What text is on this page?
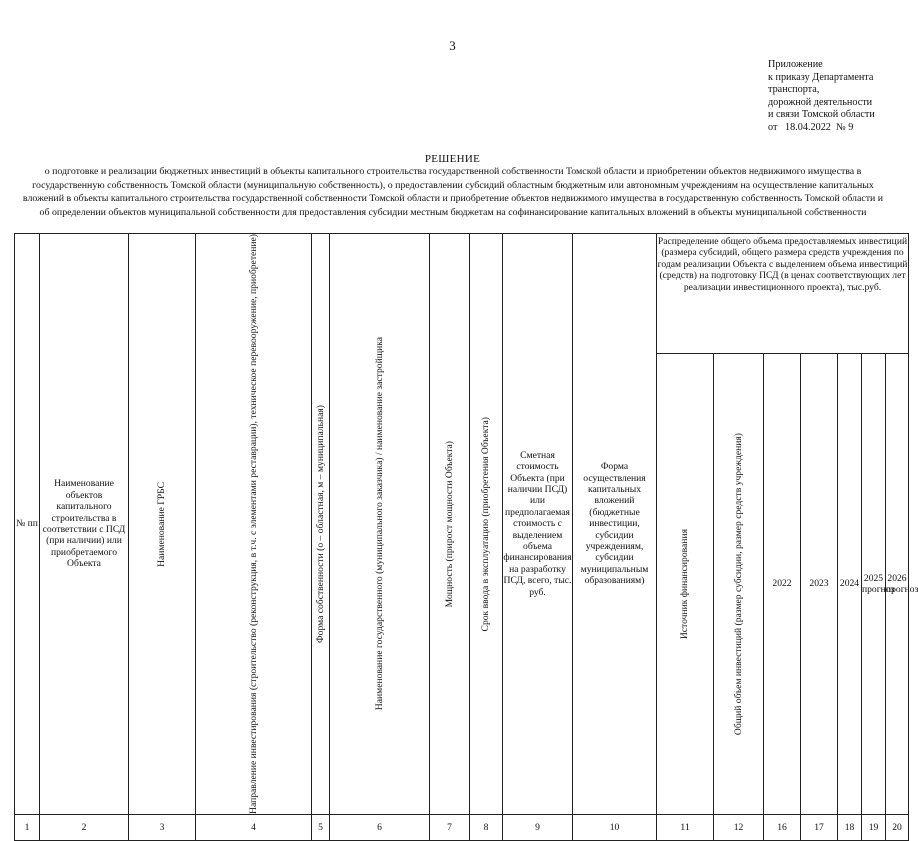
3
Приложение
к приказу Департамента
транспорта,
дорожной деятельности
и связи Томской области
от   18.04.2022  № 9
РЕШЕНИЕ
о подготовке и реализации бюджетных инвестиций в объекты капитального строительства государственной собственности Томской области и приобретении объектов недвижимого имущества в государственную собственность Томской области (муниципальную собственность), о предоставлении субсидий областным бюджетным или автономным учреждениям на осуществление капитальных вложений в объекты капитального строительства государственной собственности Томской области и приобретение объектов недвижимого имущества в государственную собственность Томской области и об определении объектов муниципальной собственности для предоставления субсидии местным бюджетам на софинансирование капитальных вложений в объекты муниципальной собственности
№ пп	Наименование объектов капитального строительства в соответствии с ПСД (при наличии) или приобретаемого Объекта	Наименование ГРБС	Направление инвестирования (строительство (реконструкция, в т.ч. с элементами реставрации), техническое перевооружение, приобретение)	Форма собственности (о – областная, м – муниципальная)	Наименование государственного (муниципального заказчика) / наименование застройщика	Мощность (прирост мощности Объекта)	Срок ввода в эксплуатацию (приобретения Объекта)	Сметная стоимость Объекта (при наличии ПСД) или предполагаемая стоимость с выделением объема финансирования на разработку ПСД, всего, тыс. руб.	Форма осуществления капитальных вложений (бюджетные инвестиции, субсидии учреждениям, субсидии муниципальным образованиям)	Распределение общего объема предоставляемых инвестиций (размера субсидий, общего размера средств учреждения по годам реализации Объекта с выделением объема инвестиций (средств) на подготовку ПСД (в ценах соответствующих лет реализации инвестиционного проекта), тыс.руб.						

										Источник финансирования	Общий объем инвестиций (размер субсидии, размер средств учреждения)	2022	2023	2024	2025 прогноз	2026 прогноз
1	2	3	4	5	6	7	8	9	10	11	12	16	17	18	19	20
